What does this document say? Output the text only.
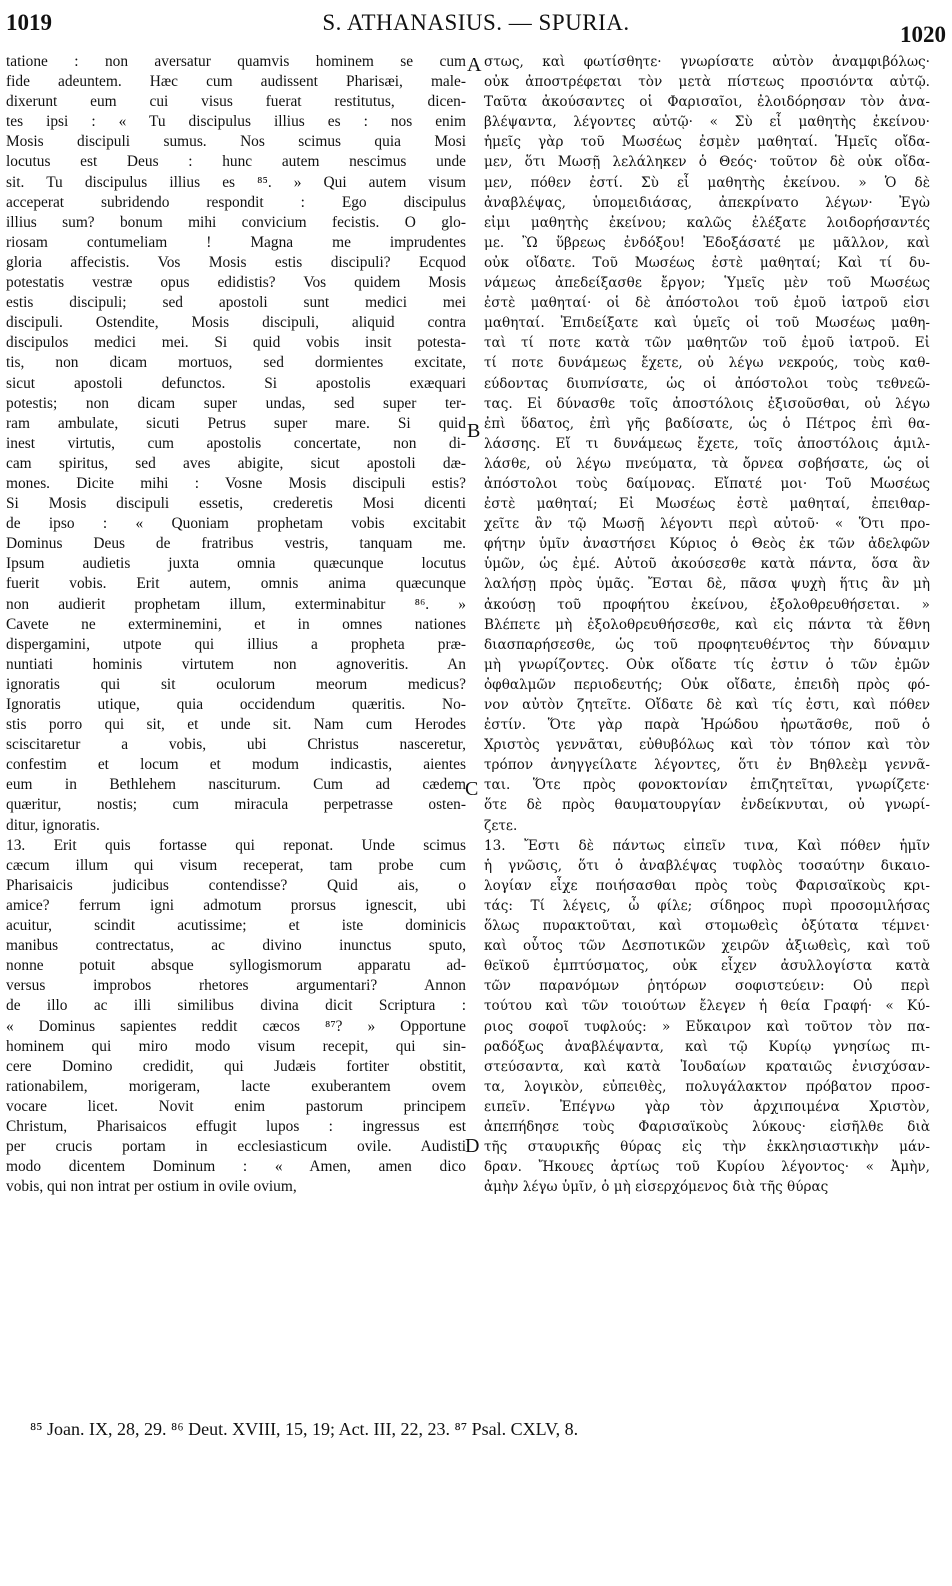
1019	S. ATHANASIUS. — SPURIA.	1020
tatione : non aversatur quamvis hominem se cum
fide adeuntem. Hæc cum audissent Pharisæi, male-
dixerunt eum cui visus fuerat restitutus, dicen-
tes ipsi : « Tu discipulus illius es : nos enim
Mosis discipuli sumus. Nos scimus quia Mosi
locutus est Deus : hunc autem nescimus unde
sit. Tu discipulus illius es ⁸⁵. » Qui autem visum
acceperat subridendo respondit : Ego discipulus
illius sum? bonum mihi convicium fecistis. O glo-
riosam contumeliam ! Magna me imprudentes
gloria affecistis. Vos Mosis estis discipuli? Ecquod
potestatis vestræ opus edidistis? Vos quidem Mosis
estis discipuli; sed apostoli sunt medici mei
discipuli. Ostendite, Mosis discipuli, aliquid contra
discipulos medici mei. Si quid vobis insit potesta-
tis, non dicam mortuos, sed dormientes excitate,
sicut apostoli defunctos. Si apostolis exæquari
potestis; non dicam super undas, sed super ter-
ram ambulate, sicuti Petrus super mare. Si quid
inest virtutis, cum apostolis concertate, non di-
cam spiritus, sed aves abigite, sicut apostoli dæ-
mones. Dicite mihi : Vosne Mosis discipuli estis?
Si Mosis discipuli essetis, crederetis Mosi dicenti
de ipso : « Quoniam prophetam vobis excitabit
Dominus Deus de fratribus vestris, tanquam me.
Ipsum audietis juxta omnia quæcunque locutus
fuerit vobis. Erit autem, omnis anima quæcunque
non audierit prophetam illum, exterminabitur ⁸⁶. »
Cavete ne exterminemini, et in omnes nationes
dispergamini, utpote qui illius a propheta præ-
nuntiati hominis virtutem non agnoveritis. An
ignoratis qui sit oculorum meorum medicus?
Ignoratis utique, quia occidendum quæritis. No-
stis porro qui sit, et unde sit. Nam cum Herodes
sciscitaretur a vobis, ubi Christus nasceretur,
confestim et locum et modum indicastis, aientes
eum in Bethlehem nasciturum. Cum ad cædem
quæritur, nostis; cum miracula perpetrasse osten-
ditur, ignoratis.
13. Erit quis fortasse qui reponat. Unde scimus
cæcum illum qui visum receperat, tam probe cum
Pharisaicis judicibus contendisse? Quid ais, o
amice? ferrum igni admotum prorsus ignescit, ubi
acuitur, scindit acutissime; et iste dominicis
manibus contrectatus, ac divino inunctus sputo,
nonne potuit absque syllogismorum apparatu ad-
versus improbos rhetores argumentari? Annon
de illo ac illi similibus divina dicit Scriptura :
« Dominus sapientes reddit cæcos ⁸⁷? » Opportune
hominem qui miro modo visum recepit, qui sin-
cere Domino credidit, qui Judæis fortiter obstitit,
rationabilem, morigeram, lacte exuberantem ovem
vocare licet. Novit enim pastorum principem
Christum, Pharisaicos effugit lupos : ingressus est
per crucis portam in ecclesiasticum ovile. Audisti
modo dicentem Dominum : « Amen, amen dico
vobis, qui non intrat per ostium in ovile ovium,
στως, καὶ φωτίσθητε· γνωρίσατε αὐτὸν ἀναμφιβόλως·
οὐκ ἀποστρέφεται τὸν μετὰ πίστεως προσιόντα αὐτῷ.
Ταῦτα ἀκούσαντες οἱ Φαρισαῖοι, ἐλοιδόρησαν τὸν ἀνα-
βλέψαντα, λέγοντες αὐτῷ· « Σὺ εἶ μαθητὴς ἐκείνου·
ἡμεῖς γὰρ τοῦ Μωσέως ἐσμὲν μαθηταί. Ἡμεῖς οἴδα-
μεν, ὅτι Μωσῇ λελάληκεν ὁ Θεός· τοῦτον δὲ οὐκ οἴδα-
μεν, πόθεν ἐστί. Σὺ εἶ μαθητὴς ἐκείνου. » Ὁ δὲ
ἀναβλέψας, ὑπομειδιάσας, ἀπεκρίνατο λέγων· Ἐγὼ
εἰμι μαθητὴς ἐκείνου; καλῶς ἐλέξατε λοιδορήσαντές
με. Ὢ ὕβρεως ἐνδόξου! Ἐδοξάσατέ με μᾶλλον, καὶ
οὐκ οἴδατε. Τοῦ Μωσέως ἐστὲ μαθηταί; Καὶ τί δυ-
νάμεως ἀπεδείξασθε ἔργον; Ὑμεῖς μὲν τοῦ Μωσέως
ἐστὲ μαθηταί· οἱ δὲ ἀπόστολοι τοῦ ἐμοῦ ἰατροῦ εἰσι
μαθηταί. Ἐπιδείξατε καὶ ὑμεῖς οἱ τοῦ Μωσέως μαθη-
ταὶ τί ποτε κατὰ τῶν μαθητῶν τοῦ ἐμοῦ ἰατροῦ. Εἰ
τί ποτε δυνάμεως ἔχετε, οὐ λέγω νεκρούς, τοὺς καθ-
εύδοντας διυπνίσατε, ὡς οἱ ἀπόστολοι τοὺς τεθνεῶ-
τας. Εἰ δύνασθε τοῖς ἀποστόλοις ἐξισοῦσθαι, οὐ λέγω
ἐπὶ ὕδατος, ἐπὶ γῆς βαδίσατε, ὡς ὁ Πέτρος ἐπὶ θα-
λάσσης. Εἴ τι δυνάμεως ἔχετε, τοῖς ἀποστόλοις ἁμιλ-
λάσθε, οὐ λέγω πνεύματα, τὰ ὄρνεα σοβήσατε, ὡς οἱ
ἀπόστολοι τοὺς δαίμονας. Εἴπατέ μοι· Τοῦ Μωσέως
ἐστὲ μαθηταί; Εἰ Μωσέως ἐστὲ μαθηταί, ἐπειθαρ-
χεῖτε ἂν τῷ Μωσῇ λέγοντι περὶ αὐτοῦ· « Ὅτι προ-
φήτην ὑμῖν ἀναστήσει Κύριος ὁ Θεὸς ἐκ τῶν ἀδελφῶν
ὑμῶν, ὡς ἐμέ. Αὐτοῦ ἀκούσεσθε κατὰ πάντα, ὅσα ἂν
λαλήσῃ πρὸς ὑμᾶς. Ἔσται δὲ, πᾶσα ψυχὴ ἥτις ἂν μὴ
ἀκούσῃ τοῦ προφήτου ἐκείνου, ἐξολοθρευθήσεται. »
Βλέπετε μὴ ἐξολοθρευθήσεσθε, καὶ εἰς πάντα τὰ ἔθνη
διασπαρήσεσθε, ὡς τοῦ προφητευθέντος τὴν δύναμιν
μὴ γνωρίζοντες. Οὐκ οἴδατε τίς ἐστιν ὁ τῶν ἐμῶν
ὀφθαλμῶν περιοδευτής; Οὐκ οἴδατε, ἐπειδὴ πρὸς φό-
νον αὐτὸν ζητεῖτε. Οἴδατε δὲ καὶ τίς ἐστι, καὶ πόθεν
ἐστίν. Ὅτε γὰρ παρὰ Ἡρώδου ἠρωτᾶσθε, ποῦ ὁ
Χριστὸς γεννᾶται, εὐθυβόλως καὶ τὸν τόπον καὶ τὸν
τρόπον ἀνηγγείλατε λέγοντες, ὅτι ἐν Βηθλεὲμ γεννᾶ-
ται. Ὅτε πρὸς φονοκτονίαν ἐπιζητεῖται, γνωρίζετε·
ὅτε δὲ πρὸς θαυματουργίαν ἐνδείκνυται, οὐ γνωρί-
ζετε.
13. Ἔστι δὲ πάντως εἰπεῖν τινα, Καὶ πόθεν ἡμῖν
ἡ γνῶσις, ὅτι ὁ ἀναβλέψας τυφλὸς τοσαύτην δικαιο-
λογίαν εἶχε ποιήσασθαι πρὸς τοὺς Φαρισαϊκοὺς κρι-
τάς: Τί λέγεις, ὦ φίλε; σίδηρος πυρὶ προσομιλήσας
ὅλως πυρακτοῦται, καὶ στομωθεὶς ὀξύτατα τέμνει·
καὶ οὗτος τῶν Δεσποτικῶν χειρῶν ἀξιωθεὶς, καὶ τοῦ
θεϊκοῦ ἐμπτύσματος, οὐκ εἶχεν ἀσυλλογίστα κατὰ
τῶν παρανόμων ῥητόρων σοφιστεύειν: Οὐ περὶ
τούτου καὶ τῶν τοιούτων ἔλεγεν ἡ θεία Γραφή· « Κύ-
ριος σοφοῖ τυφλούς: » Εὔκαιρον καὶ τοῦτον τὸν πα-
ραδόξως ἀναβλέψαντα, καὶ τῷ Κυρίῳ γνησίως πι-
στεύσαντα, καὶ κατὰ Ἰουδαίων κραταιῶς ἐνισχύσαν-
τα, λογικὸν, εὐπειθὲς, πολυγάλακτον πρόβατον προσ-
ειπεῖν. Ἐπέγνω γὰρ τὸν ἀρχιποιμένα Χριστὸν,
ἀπεπήδησε τοὺς Φαρισαϊκοὺς λύκους· εἰσῆλθε διὰ
τῆς σταυρικῆς θύρας εἰς τὴν ἐκκλησιαστικὴν μάν-
δραν. Ἤκουες ἀρτίως τοῦ Κυρίου λέγοντος· « Ἀμὴν,
ἀμὴν λέγω ὑμῖν, ὁ μὴ εἰσερχόμενος διὰ τῆς θύρας
A
B
C
D
⁸⁵ Joan. IX, 28, 29. ⁸⁶ Deut. XVIII, 15, 19; Act. III, 22, 23. ⁸⁷ Psal. CXLV, 8.
